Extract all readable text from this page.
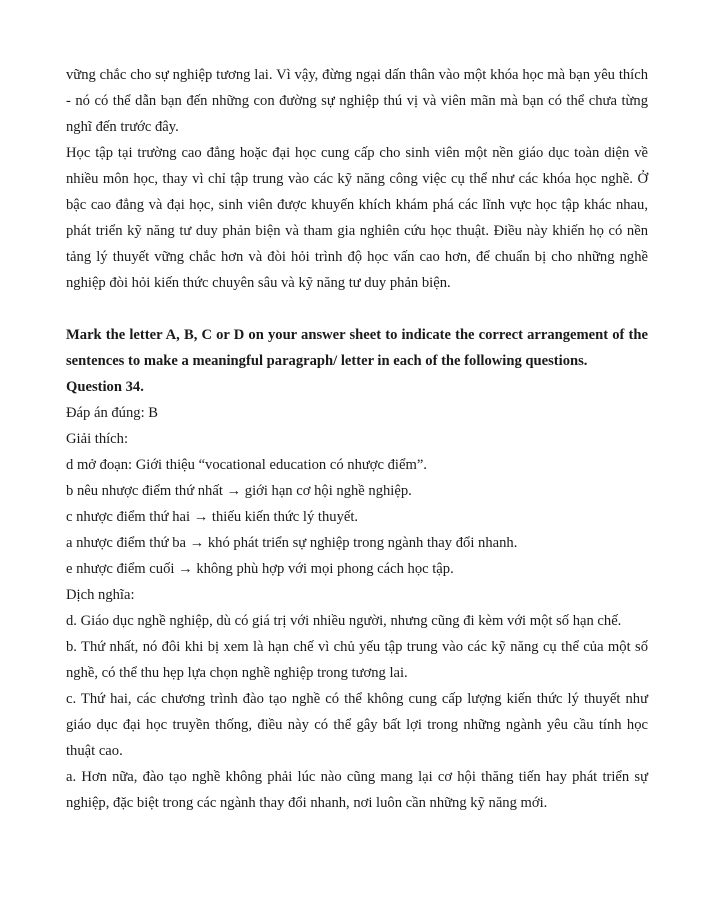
vững chắc cho sự nghiệp tương lai. Vì vậy, đừng ngại dấn thân vào một khóa học mà bạn yêu thích - nó có thể dẫn bạn đến những con đường sự nghiệp thú vị và viên mãn mà bạn có thể chưa từng nghĩ đến trước đây.

Học tập tại trường cao đẳng hoặc đại học cung cấp cho sinh viên một nền giáo dục toàn diện về nhiều môn học, thay vì chỉ tập trung vào các kỹ năng công việc cụ thể như các khóa học nghề. Ở bậc cao đẳng và đại học, sinh viên được khuyến khích khám phá các lĩnh vực học tập khác nhau, phát triển kỹ năng tư duy phản biện và tham gia nghiên cứu học thuật. Điều này khiến họ có nền tảng lý thuyết vững chắc hơn và đòi hỏi trình độ học vấn cao hơn, để chuẩn bị cho những nghề nghiệp đòi hỏi kiến thức chuyên sâu và kỹ năng tư duy phản biện.

Mark the letter A, B, C or D on your answer sheet to indicate the correct arrangement of the sentences to make a meaningful paragraph/ letter in each of the following questions.

Question 34.

Đáp án đúng: B

Giải thích:

d mở đoạn: Giới thiệu “vocational education có nhược điểm”.

b nêu nhược điểm thứ nhất → giới hạn cơ hội nghề nghiệp.

c nhược điểm thứ hai → thiếu kiến thức lý thuyết.

a nhược điểm thứ ba → khó phát triển sự nghiệp trong ngành thay đổi nhanh.

e nhược điểm cuối → không phù hợp với mọi phong cách học tập.

Dịch nghĩa:

d. Giáo dục nghề nghiệp, dù có giá trị với nhiều người, nhưng cũng đi kèm với một số hạn chế.

b. Thứ nhất, nó đôi khi bị xem là hạn chế vì chủ yếu tập trung vào các kỹ năng cụ thể của một số nghề, có thể thu hẹp lựa chọn nghề nghiệp trong tương lai.

c. Thứ hai, các chương trình đào tạo nghề có thể không cung cấp lượng kiến thức lý thuyết như giáo dục đại học truyền thống, điều này có thể gây bất lợi trong những ngành yêu cầu tính học thuật cao.

a. Hơn nữa, đào tạo nghề không phải lúc nào cũng mang lại cơ hội thăng tiến hay phát triển sự nghiệp, đặc biệt trong các ngành thay đổi nhanh, nơi luôn cần những kỹ năng mới.
